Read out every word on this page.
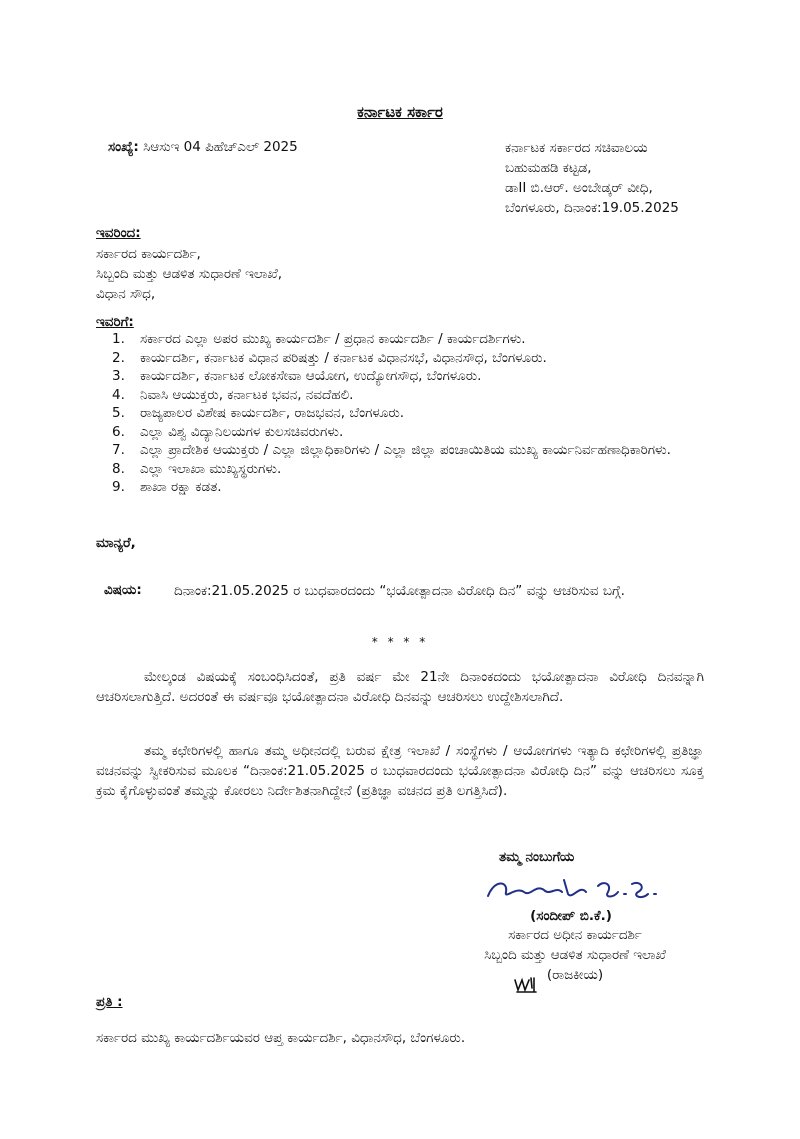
ಕರ್ನಾಟಕ ಸರ್ಕಾರ
ಸಂಖ್ಯೆ: ಸಿಆಸುಇ 04 ಪಿಹೆಚ್ಎಲ್ 2025	ಕರ್ನಾಟಕ ಸರ್ಕಾರದ ಸಚಿವಾಲಯ
ಬಹುಮಹಡಿ ಕಟ್ಟಡ,
ಡಾII ಬಿ.ಆರ್. ಅಂಬೇಡ್ಕರ್ ವೀಧಿ,
ಬೆಂಗಳೂರು, ದಿನಾಂಕ:19.05.2025
ಇವರಿಂದ:
ಸರ್ಕಾರದ ಕಾರ್ಯದರ್ಶಿ,
ಸಿಬ್ಬಂದಿ ಮತ್ತು ಆಡಳಿತ ಸುಧಾರಣೆ ಇಲಾಖೆ,
ವಿಧಾನ ಸೌಧ,
ಇವರಿಗೆ:
1.	ಸರ್ಕಾರದ ಎಲ್ಲಾ ಅಪರ ಮುಖ್ಯ ಕಾರ್ಯದರ್ಶಿ / ಪ್ರಧಾನ ಕಾರ್ಯದರ್ಶಿ / ಕಾರ್ಯದರ್ಶಿಗಳು.
2.	ಕಾರ್ಯದರ್ಶಿ, ಕರ್ನಾಟಕ ವಿಧಾನ ಪರಿಷತ್ತು / ಕರ್ನಾಟಕ ವಿಧಾನಸಭೆ, ವಿಧಾನಸೌಧ, ಬೆಂಗಳೂರು.
3.	ಕಾರ್ಯದರ್ಶಿ, ಕರ್ನಾಟಕ ಲೋಕಸೇವಾ ಆಯೋಗ, ಉದ್ಯೋಗಸೌಧ, ಬೆಂಗಳೂರು.
4.	ನಿವಾಸಿ ಆಯುಕ್ತರು, ಕರ್ನಾಟಕ ಭವನ, ನವದೆಹಲಿ.
5.	ರಾಜ್ಯಪಾಲರ ವಿಶೇಷ ಕಾರ್ಯದರ್ಶಿ, ರಾಜಭವನ, ಬೆಂಗಳೂರು.
6.	ಎಲ್ಲಾ ವಿಶ್ವ ವಿದ್ಯಾನಿಲಯಗಳ ಕುಲಸಚಿವರುಗಳು.
7.	ಎಲ್ಲಾ ಪ್ರಾದೇಶಿಕ ಆಯುಕ್ತರು / ಎಲ್ಲಾ ಜಿಲ್ಲಾಧಿಕಾರಿಗಳು / ಎಲ್ಲಾ ಜಿಲ್ಲಾ ಪಂಚಾಯಿತಿಯ ಮುಖ್ಯ ಕಾರ್ಯನಿರ್ವಹಣಾಧಿಕಾರಿಗಳು.
8.	ಎಲ್ಲಾ ಇಲಾಖಾ ಮುಖ್ಯಸ್ಥರುಗಳು.
9.	ಶಾಖಾ ರಕ್ಷಾ ಕಡತ.
ಮಾನ್ಯರೆ,
ವಿಷಯ: ದಿನಾಂಕ:21.05.2025 ರ ಬುಧವಾರದಂದು “ಭಯೋತ್ಪಾದನಾ ವಿರೋಧಿ ದಿನ” ವನ್ನು ಆಚರಿಸುವ ಬಗ್ಗೆ.
* * * *
ಮೇಲ್ಕಂಡ ವಿಷಯಕ್ಕೆ ಸಂಬಂಧಿಸಿದಂತೆ, ಪ್ರತಿ ವರ್ಷ ಮೇ 21ನೇ ದಿನಾಂಕದಂದು ಭಯೋತ್ಪಾದನಾ ವಿರೋಧಿ ದಿನವನ್ನಾಗಿ ಆಚರಿಸಲಾಗುತ್ತಿದೆ. ಅದರಂತೆ ಈ ವರ್ಷವೂ ಭಯೋತ್ಪಾದನಾ ವಿರೋಧಿ ದಿನವನ್ನು ಆಚರಿಸಲು ಉದ್ದೇಶಿಸಲಾಗಿದೆ.
ತಮ್ಮ ಕಛೇರಿಗಳಲ್ಲಿ ಹಾಗೂ ತಮ್ಮ ಅಧೀನದಲ್ಲಿ ಬರುವ ಕ್ಷೇತ್ರ ಇಲಾಖೆ / ಸಂಸ್ಥೆಗಳು / ಆಯೋಗಗಳು ಇತ್ಯಾದಿ ಕಛೇರಿಗಳಲ್ಲಿ ಪ್ರತಿಜ್ಞಾ ವಚನವನ್ನು ಸ್ವೀಕರಿಸುವ ಮೂಲಕ “ದಿನಾಂಕ:21.05.2025 ರ ಬುಧವಾರದಂದು ಭಯೋತ್ಪಾದನಾ ವಿರೋಧಿ ದಿನ” ವನ್ನು ಆಚರಿಸಲು ಸೂಕ್ತ ಕ್ರಮ ಕೈಗೊಳ್ಳುವಂತೆ ತಮ್ಮನ್ನು ಕೋರಲು ನಿರ್ದೇಶಿತನಾಗಿದ್ದೇನೆ (ಪ್ರತಿಜ್ಞಾ ವಚನದ ಪ್ರತಿ ಲಗತ್ತಿಸಿದೆ).
ತಮ್ಮ ನಂಬುಗೆಯ
(ಸಂದೀಪ್ ಬಿ.ಕೆ.)
ಸರ್ಕಾರದ ಅಧೀನ ಕಾರ್ಯದರ್ಶಿ
ಸಿಬ್ಬಂದಿ ಮತ್ತು ಆಡಳಿತ ಸುಧಾರಣೆ ಇಲಾಖೆ
(ರಾಜಕೀಯ)
ಪ್ರತಿ :
ಸರ್ಕಾರದ ಮುಖ್ಯ ಕಾರ್ಯದರ್ಶಿಯವರ ಆಪ್ತ ಕಾರ್ಯದರ್ಶಿ, ವಿಧಾನಸೌಧ, ಬೆಂಗಳೂರು.
